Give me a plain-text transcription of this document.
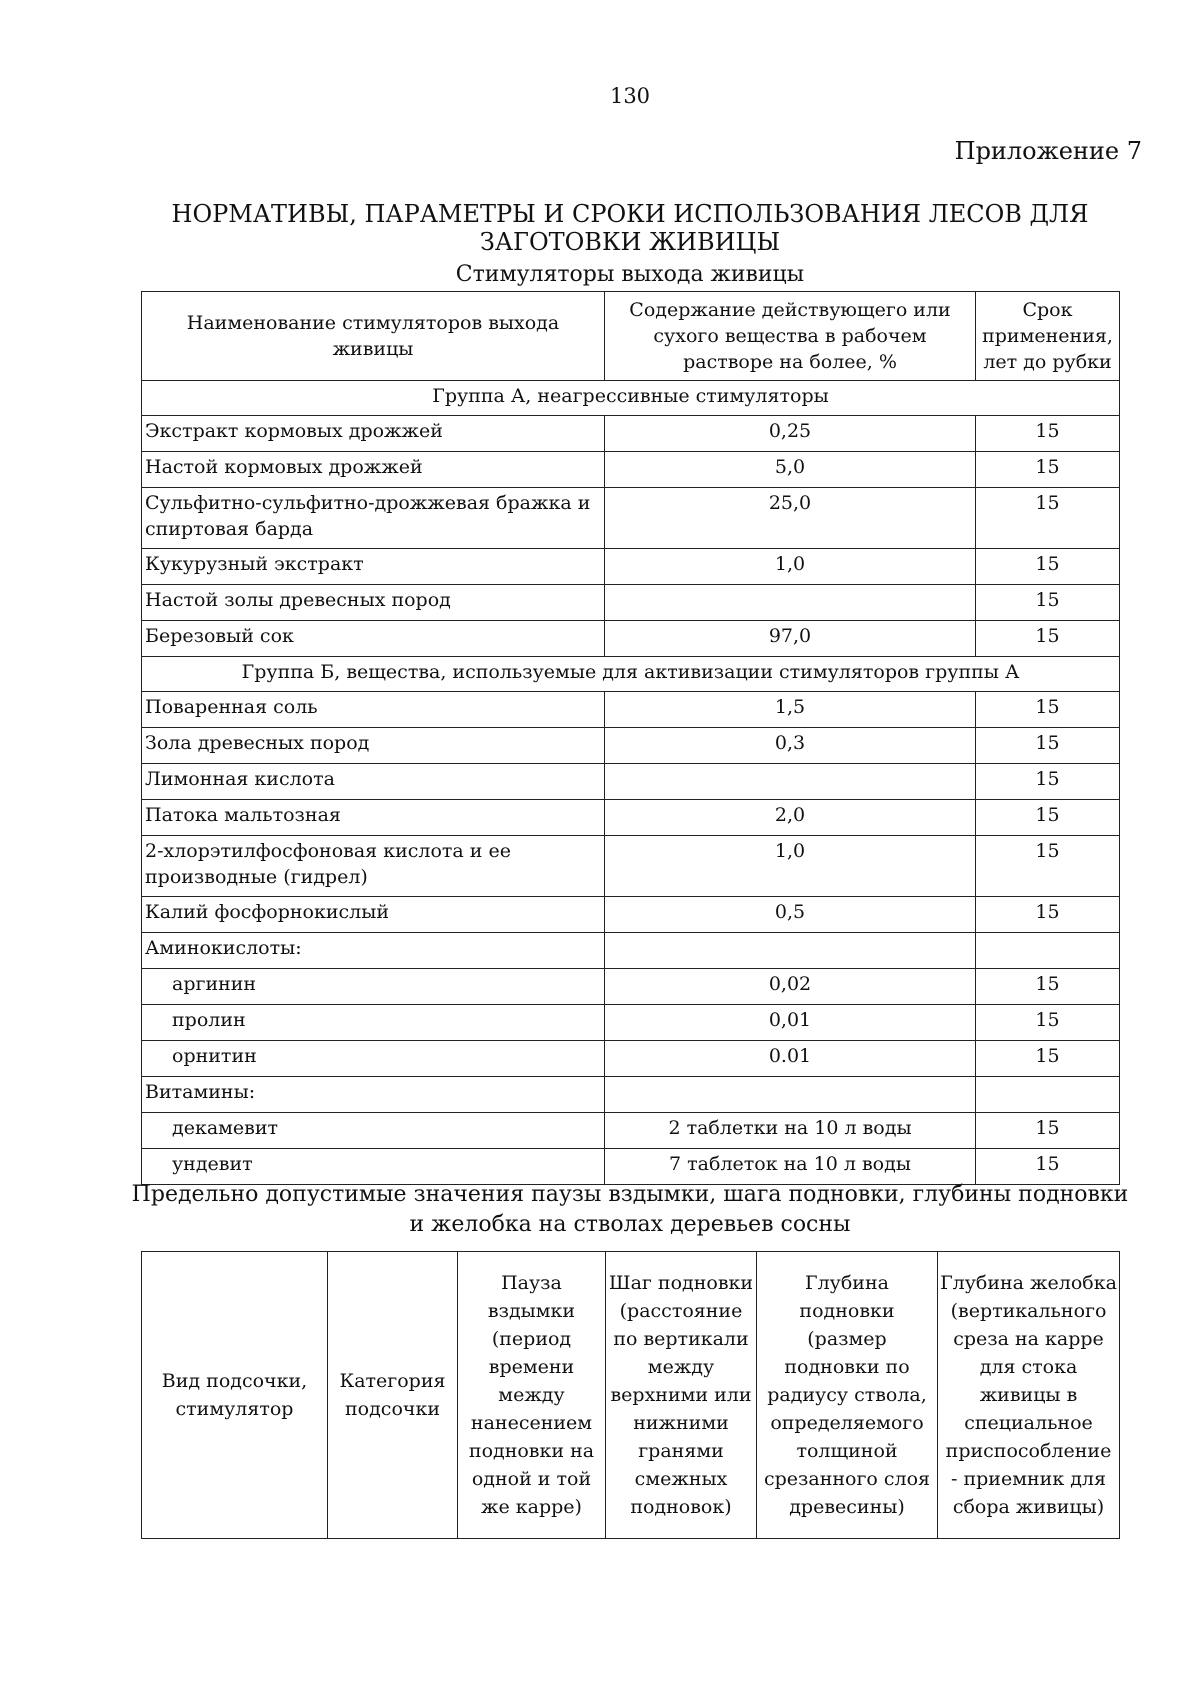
130
Приложение 7
НОРМАТИВЫ, ПАРАМЕТРЫ И СРОКИ ИСПОЛЬЗОВАНИЯ ЛЕСОВ ДЛЯ ЗАГОТОВКИ ЖИВИЦЫ
Стимуляторы выхода живицы
Наименование стимуляторов выхода живицы	Содержание действующего или сухого вещества в рабочем растворе на более, %	Срок применения, лет до рубки
Группа А, неагрессивные стимуляторы		
Экстракт кормовых дрожжей	0,25	15
Настой кормовых дрожжей	5,0	15
Сульфитно-сульфитно-дрожжевая бражка и спиртовая барда	25,0	15
Кукурузный экстракт	1,0	15
Настой золы древесных пород		15
Березовый сок	97,0	15
Группа Б, вещества, используемые для активизации стимуляторов группы А		
Поваренная соль	1,5	15
Зола древесных пород	0,3	15
Лимонная кислота		15
Патока мальтозная	2,0	15
2-хлорэтилфосфоновая кислота и ее производные (гидрел)	1,0	15
Калий фосфорнокислый	0,5	15
Аминокислоты:		
аргинин	0,02	15
пролин	0,01	15
орнитин	0.01	15
Витамины:		
декамевит	2 таблетки на 10 л воды	15
ундевит	7 таблеток на 10 л воды	15
Предельно допустимые значения паузы вздымки, шага подновки, глубины подновки и желобка на стволах деревьев сосны
Вид подсочки, стимулятор	Категория подсочки	Пауза вздымки (период времени между нанесением подновки на одной и той же карре)	Шаг подновки (расстояние по вертикали между верхними или нижними гранями смежных подновок)	Глубина подновки (размер подновки по радиусу ствола, определяемого толщиной срезанного слоя древесины)	Глубина желобка (вертикального среза на карре для стока живицы в специальное приспособление - приемник для сбора живицы)
